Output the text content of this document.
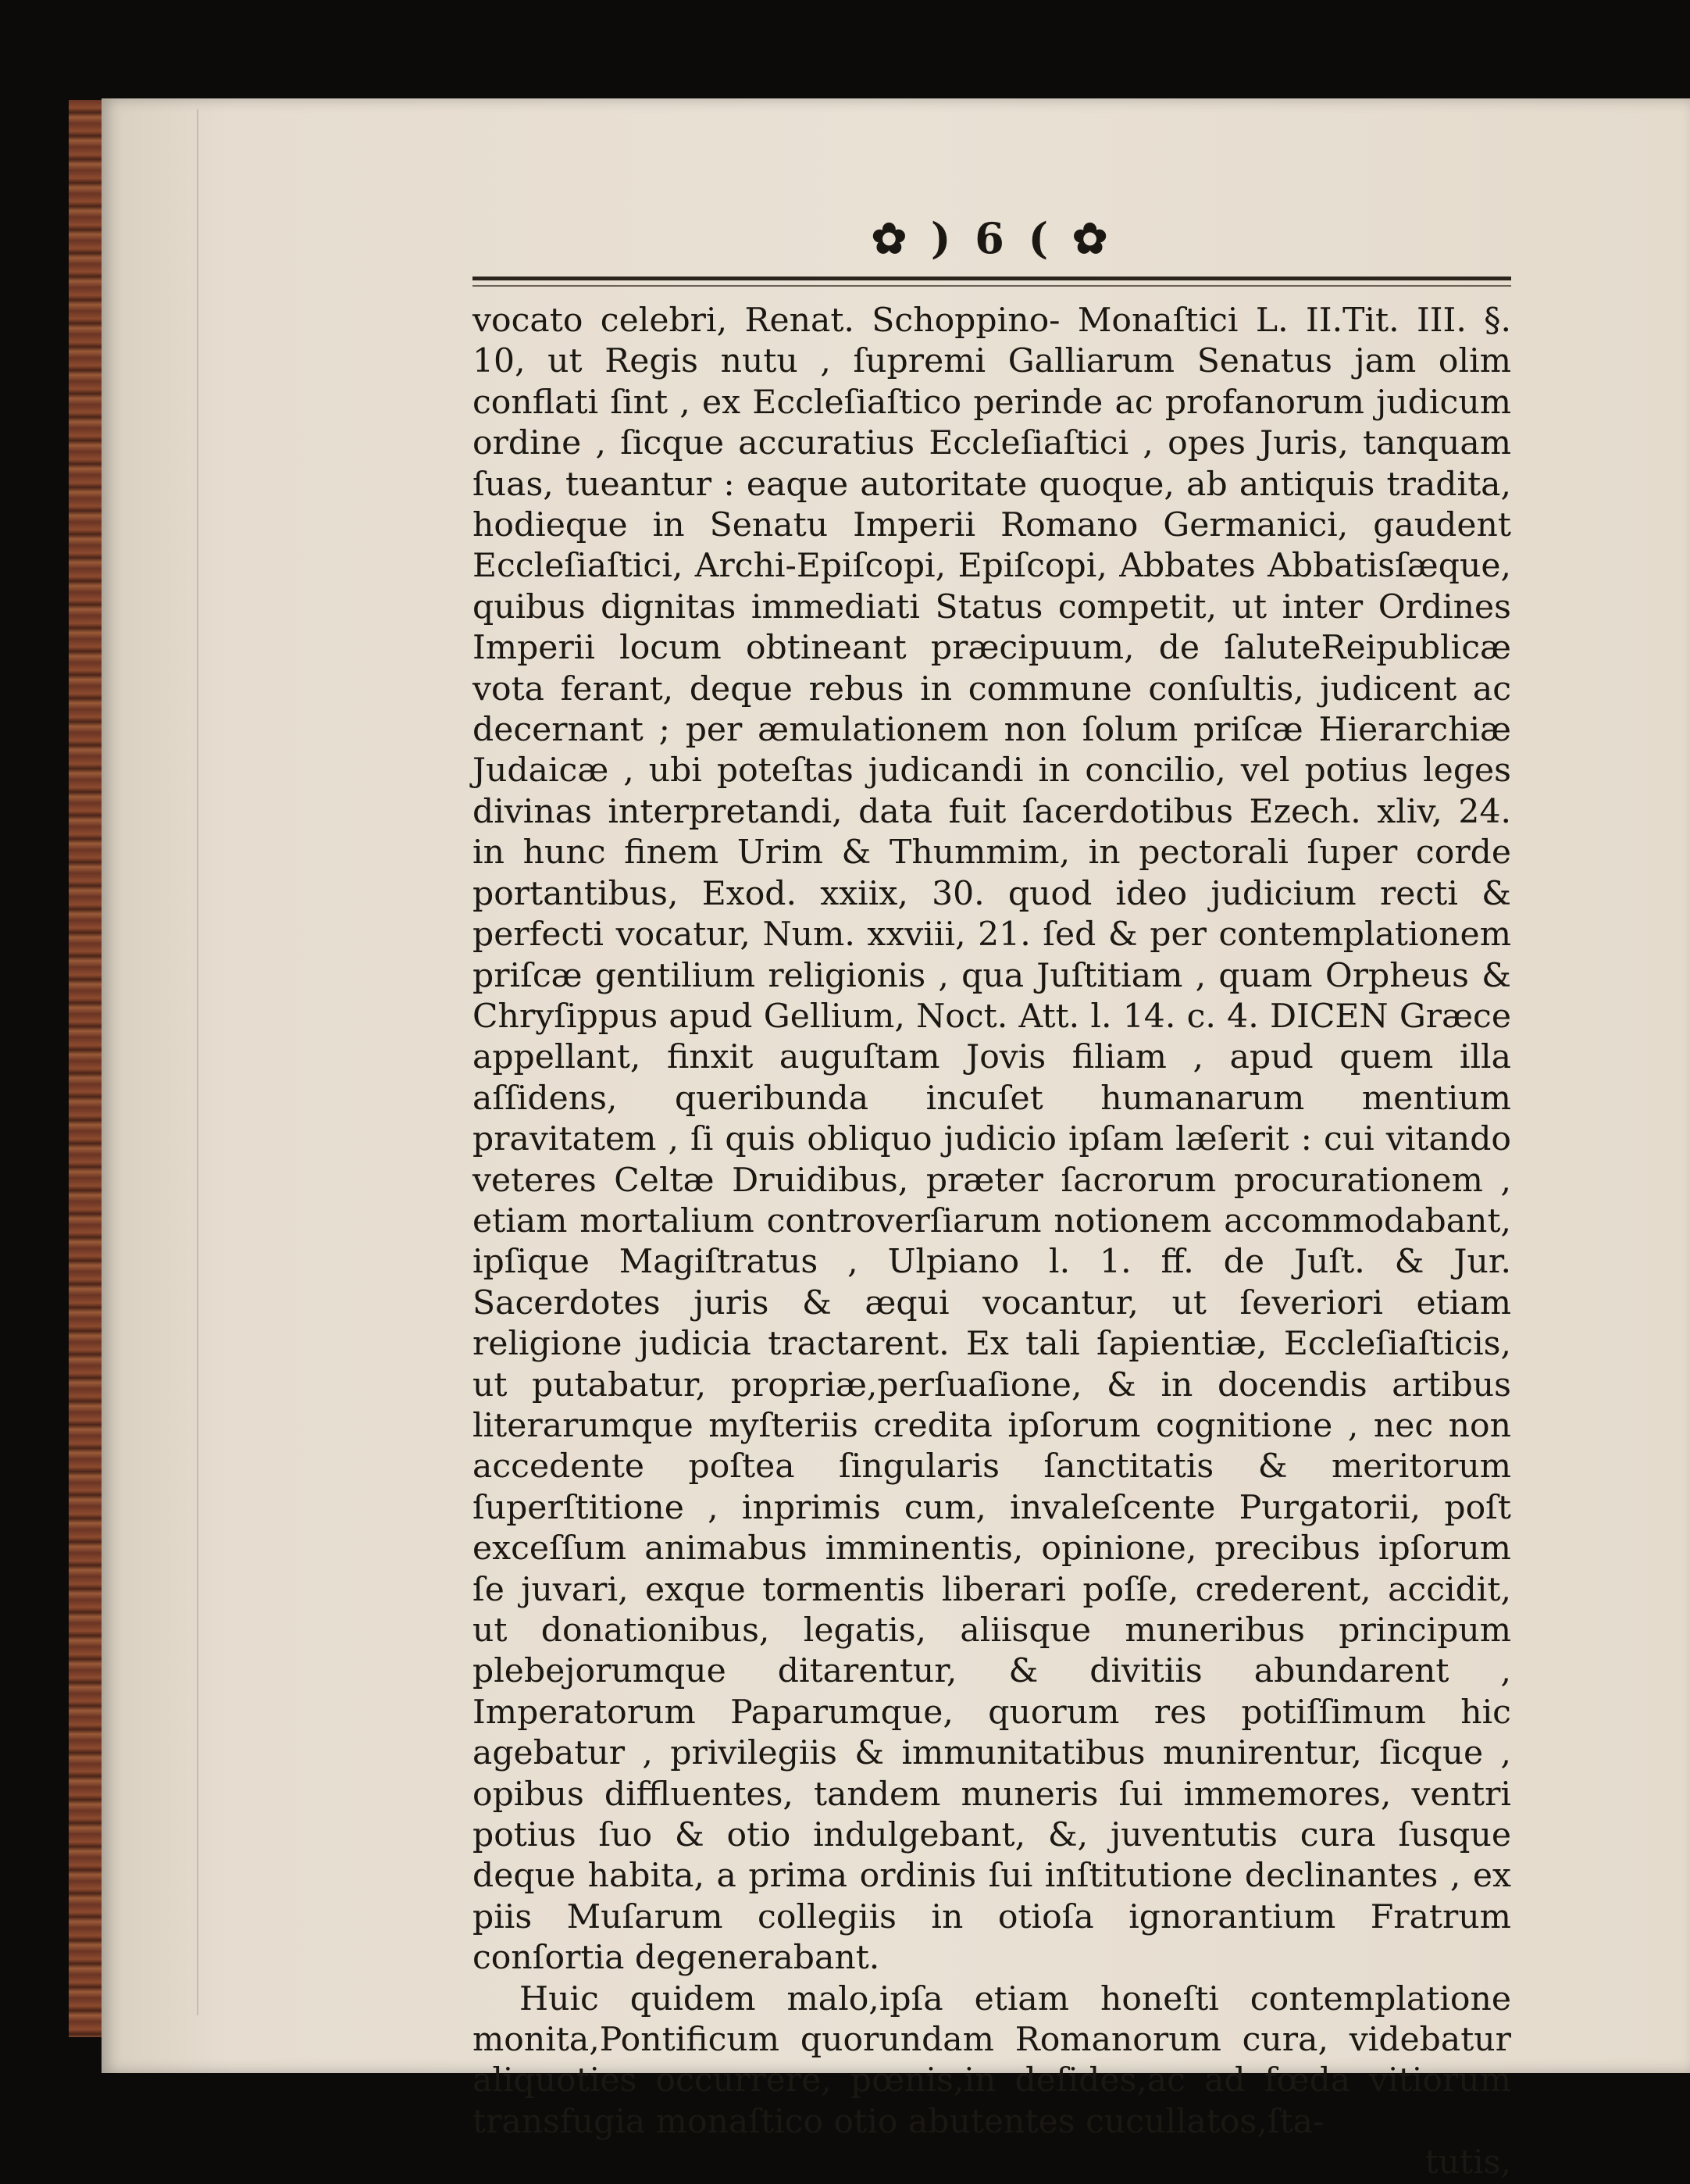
✿ ) 6 ( ✿

vocato celebri, Renat. Schoppino- Monaſtici L. II.Tit. III. §. 10, ut Regis nutu , ſupremi Galliarum Senatus jam olim conflati ſint , ex Eccleſiaſtico perinde ac profanorum judicum ordine , ſicque accuratius Eccleſiaſtici , opes Juris, tanquam ſuas, tueantur : eaque autoritate quoque, ab antiquis tradita, hodieque in Senatu Imperii Romano Germanici, gaudent Eccleſiaſtici, Archi-Epiſcopi, Epiſcopi, Abbates Abbatisſæque, quibus dignitas immediati Status competit, ut inter Ordines Imperii locum obtineant præcipuum, de ſaluteReipublicæ vota ferant, deque rebus in commune conſultis, judicent ac decernant ; per æmulationem non ſolum priſcæ Hierarchiæ Judaicæ , ubi poteſtas judicandi in concilio, vel potius leges divinas interpretandi, data fuit ſacerdotibus Ezech. xliv, 24. in hunc finem Urim & Thummim, in pectorali ſuper corde portantibus, Exod. xxiix, 30. quod ideo judicium recti & perfecti vocatur, Num. xxviii, 21. ſed & per contemplationem priſcæ gentilium religionis , qua Juſtitiam , quam Orpheus & Chryſippus apud Gellium, Noct. Att. l. 14. c. 4. DICEN Græce appellant, finxit auguſtam Jovis filiam , apud quem illa aſſidens, queribunda incuſet humanarum mentium pravitatem , ſi quis obliquo judicio ipſam læſerit : cui vitando veteres Celtæ Druidibus, præter ſacrorum procurationem , etiam mortalium controverſiarum notionem accommodabant, ipſique Magiſtratus , Ulpiano l. 1. ff. de Juſt. & Jur. Sacerdotes juris & æqui vocantur, ut ſeveriori etiam religione judicia tractarent. Ex tali ſapientiæ, Eccleſiaſticis, ut putabatur, propriæ,perſuaſione, & in docendis artibus literarumque myſteriis credita ipſorum cognitione , nec non accedente poſtea ſingularis ſanctitatis & meritorum ſuperſtitione , inprimis cum, invaleſcente Purgatorii, poſt exceſſum animabus imminentis, opinione, precibus ipſorum ſe juvari, exque tormentis liberari poſſe, crederent, accidit, ut donationibus, legatis, aliisque muneribus principum plebejorumque ditarentur, & divitiis abundarent , Imperatorum Paparumque, quorum res potiſſimum hic agebatur , privilegiis & immunitatibus munirentur, ſicque , opibus diffluentes, tandem muneris ſui immemores, ventri potius ſuo & otio indulgebant, &, juventutis cura ſusque deque habita, a prima ordinis ſui inſtitutione declinantes , ex piis Muſarum collegiis in otioſa ignorantium Fratrum conſortia degenerabant.

Huic quidem malo,ipſa etiam honeſti contemplatione monita,Pontificum quorundam Romanorum cura, videbatur aliquoties occurrere, pœnis,in deſides,ac ad fœda vitiorum transfugia monaſtico otio abutentes cucullatos,ſta-

tutis,
